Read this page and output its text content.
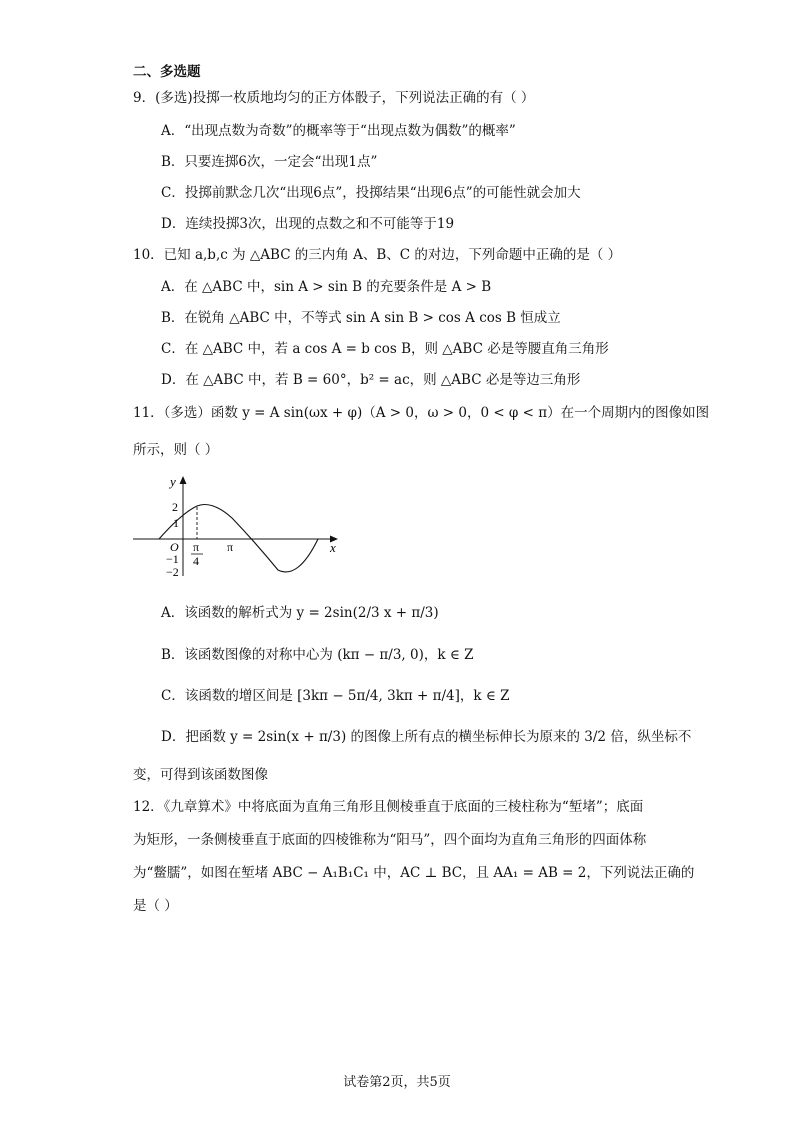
二、多选题
9．(多选)投掷一枚质地均匀的正方体骰子，下列说法正确的有（ ）
A．“出现点数为奇数”的概率等于“出现点数为偶数”的概率”
B．只要连掷6次，一定会“出现1点”
C．投掷前默念几次“出现6点”，投掷结果“出现6点”的可能性就会加大
D．连续投掷3次，出现的点数之和不可能等于19
10．已知 a,b,c 为 △ABC 的三内角 A、B、C 的对边，下列命题中正确的是（ ）
A．在 △ABC 中，sin A > sin B 的充要条件是 A > B
B．在锐角 △ABC 中，不等式 sin A sin B > cos A cos B 恒成立
C．在 △ABC 中，若 a cos A = b cos B，则 △ABC 必是等腰直角三角形
D．在 △ABC 中，若 B = 60°，b² = ac，则 △ABC 必是等边三角形
11．（多选）函数 y = A sin(ωx + φ)（A > 0，ω > 0，0 < φ < π）在一个周期内的图像如图
所示，则（ ）
y
x
2
1
O
−1
−2
π
4
π
A．该函数的解析式为 y = 2sin(2/3 x + π/3)
B．该函数图像的对称中心为 (kπ − π/3, 0)，k ∈ Z
C．该函数的增区间是 [3kπ − 5π/4, 3kπ + π/4]，k ∈ Z
D．把函数 y = 2sin(x + π/3) 的图像上所有点的横坐标伸长为原来的 3/2 倍，纵坐标不
变，可得到该函数图像
12．《九章算术》中将底面为直角三角形且侧棱垂直于底面的三棱柱称为“堑堵”；底面
为矩形，一条侧棱垂直于底面的四棱锥称为“阳马”，四个面均为直角三角形的四面体称
为“鳖臑”，如图在堑堵 ABC − A₁B₁C₁ 中，AC ⊥ BC，且 AA₁ = AB = 2，下列说法正确的
是（ ）
试卷第2页，共5页
